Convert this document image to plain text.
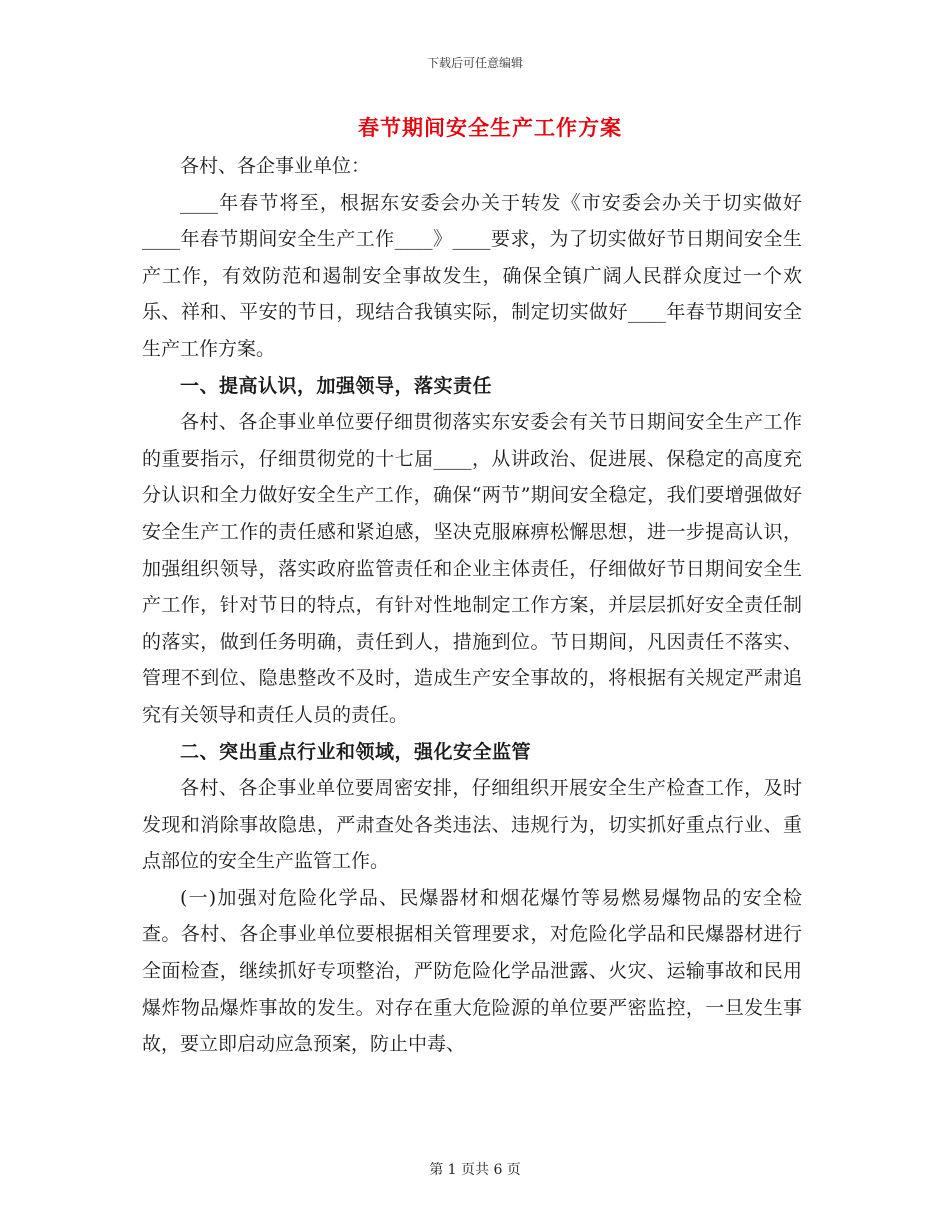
下载后可任意编辑
春节期间安全生产工作方案

各村、各企事业单位：

____年春节将至，根据东安委会办关于转发《市安委会办关于切实做好____年春节期间安全生产工作____》____要求，为了切实做好节日期间安全生产工作，有效防范和遏制安全事故发生，确保全镇广阔人民群众度过一个欢乐、祥和、平安的节日，现结合我镇实际，制定切实做好____年春节期间安全生产工作方案。

一、提高认识，加强领导，落实责任

各村、各企事业单位要仔细贯彻落实东安委会有关节日期间安全生产工作的重要指示，仔细贯彻党的十七届____，从讲政治、促进展、保稳定的高度充分认识和全力做好安全生产工作，确保“两节”期间安全稳定，我们要增强做好安全生产工作的责任感和紧迫感，坚决克服麻痹松懈思想，进一步提高认识，加强组织领导，落实政府监管责任和企业主体责任，仔细做好节日期间安全生产工作，针对节日的特点，有针对性地制定工作方案，并层层抓好安全责任制的落实，做到任务明确，责任到人，措施到位。节日期间，凡因责任不落实、管理不到位、隐患整改不及时，造成生产安全事故的，将根据有关规定严肃追究有关领导和责任人员的责任。

二、突出重点行业和领域，强化安全监管

各村、各企事业单位要周密安排，仔细组织开展安全生产检查工作，及时发现和消除事故隐患，严肃查处各类违法、违规行为，切实抓好重点行业、重点部位的安全生产监管工作。

(一)加强对危险化学品、民爆器材和烟花爆竹等易燃易爆物品的安全检查。各村、各企事业单位要根据相关管理要求，对危险化学品和民爆器材进行全面检查，继续抓好专项整治，严防危险化学品泄露、火灾、运输事故和民用爆炸物品爆炸事故的发生。对存在重大危险源的单位要严密监控，一旦发生事故，要立即启动应急预案，防止中毒、

第 1 页共 6 页
